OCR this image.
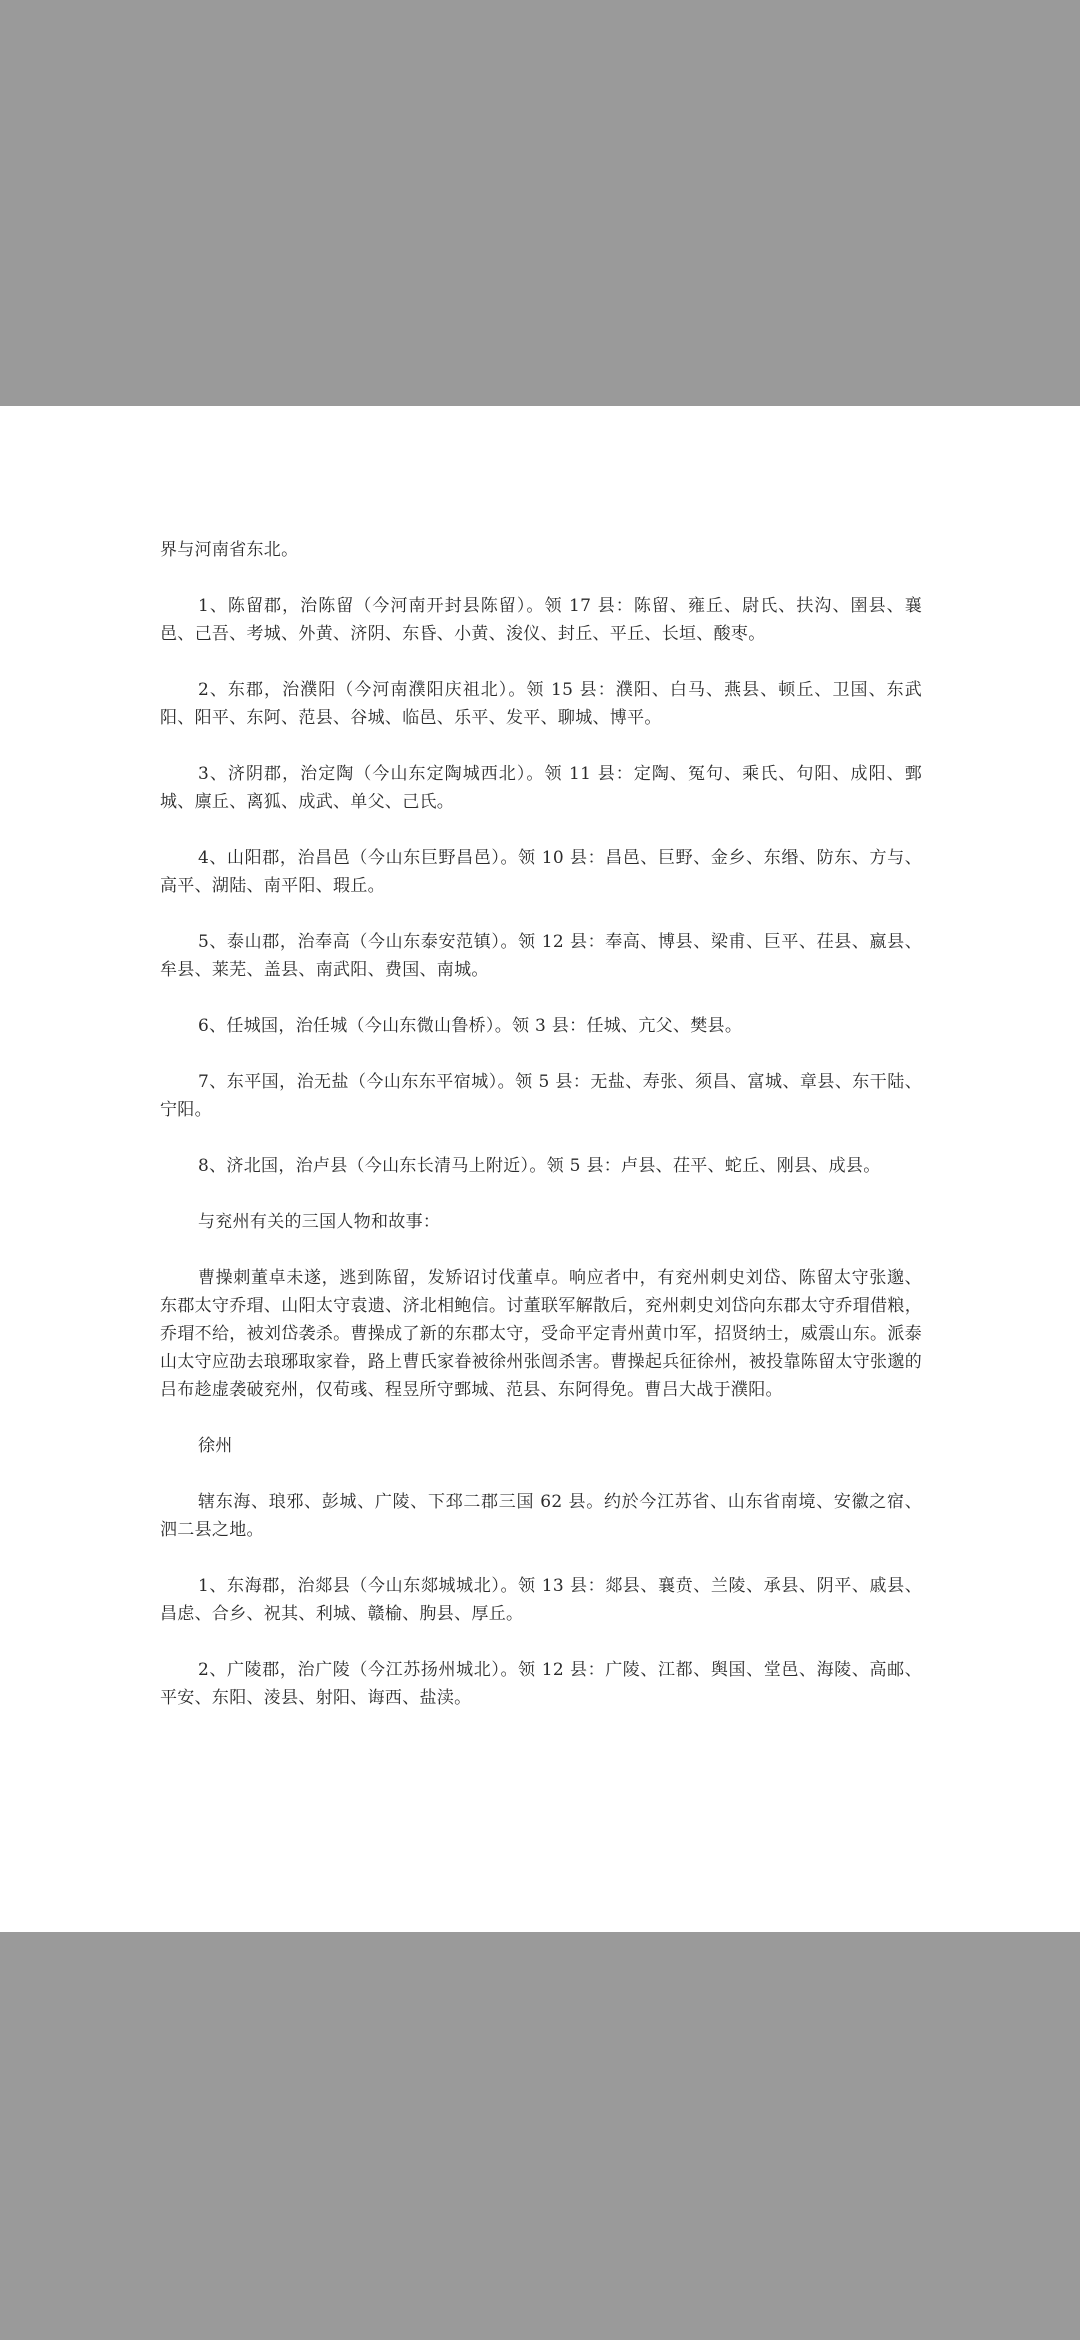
界与河南省东北。

1、陈留郡，治陈留（今河南开封县陈留）。领 17 县：陈留、雍丘、尉氏、扶沟、圉县、襄邑、己吾、考城、外黄、济阴、东昏、小黄、浚仪、封丘、平丘、长垣、酸枣。

2、东郡，治濮阳（今河南濮阳庆祖北）。领 15 县：濮阳、白马、燕县、顿丘、卫国、东武阳、阳平、东阿、范县、谷城、临邑、乐平、发平、聊城、博平。

3、济阴郡，治定陶（今山东定陶城西北）。领 11 县：定陶、冤句、乘氏、句阳、成阳、鄄城、廪丘、离狐、成武、单父、己氏。

4、山阳郡，治昌邑（今山东巨野昌邑）。领 10 县：昌邑、巨野、金乡、东缗、防东、方与、高平、湖陆、南平阳、瑕丘。

5、泰山郡，治奉高（今山东泰安范镇）。领 12 县：奉高、博县、梁甫、巨平、茌县、嬴县、牟县、莱芜、盖县、南武阳、费国、南城。

6、任城国，治任城（今山东微山鲁桥）。领 3 县：任城、亢父、樊县。

7、东平国，治无盐（今山东东平宿城）。领 5 县：无盐、寿张、须昌、富城、章县、东干陆、宁阳。

8、济北国，治卢县（今山东长清马上附近）。领 5 县：卢县、茌平、蛇丘、刚县、成县。

与兖州有关的三国人物和故事：

曹操刺董卓未遂，逃到陈留，发矫诏讨伐董卓。响应者中，有兖州刺史刘岱、陈留太守张邈、东郡太守乔瑁、山阳太守袁遗、济北相鲍信。讨董联军解散后，兖州刺史刘岱向东郡太守乔瑁借粮，乔瑁不给，被刘岱袭杀。曹操成了新的东郡太守，受命平定青州黄巾军，招贤纳士，威震山东。派泰山太守应劭去琅琊取家眷，路上曹氏家眷被徐州张闿杀害。曹操起兵征徐州，被投靠陈留太守张邈的吕布趁虚袭破兖州，仅荀彧、程昱所守鄄城、范县、东阿得免。曹吕大战于濮阳。

徐州

辖东海、琅邪、彭城、广陵、下邳二郡三国 62 县。约於今江苏省、山东省南境、安徽之宿、泗二县之地。

1、东海郡，治郯县（今山东郯城城北）。领 13 县：郯县、襄贲、兰陵、承县、阴平、戚县、昌虑、合乡、祝其、利城、赣榆、朐县、厚丘。

2、广陵郡，治广陵（今江苏扬州城北）。领 12 县：广陵、江都、舆国、堂邑、海陵、高邮、平安、东阳、淩县、射阳、诲西、盐渎。
